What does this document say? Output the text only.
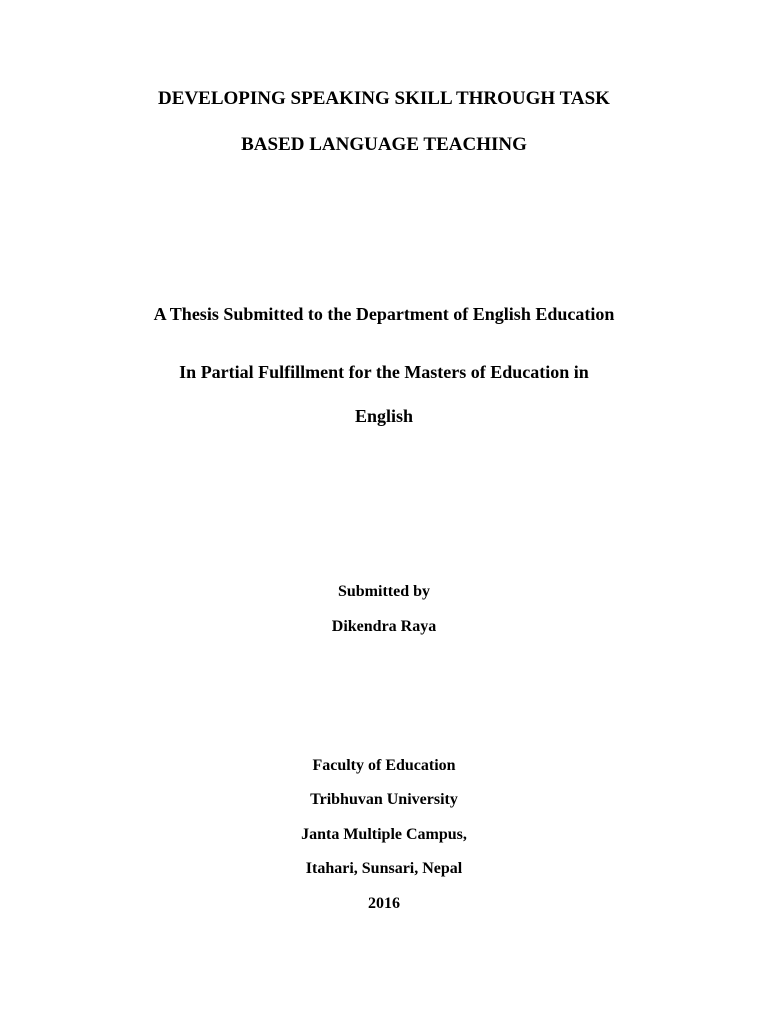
DEVELOPING SPEAKING SKILL THROUGH TASK
BASED LANGUAGE TEACHING
A Thesis Submitted to the Department of English Education
In Partial Fulfillment for the Masters of Education in
English
Submitted by
Dikendra Raya
Faculty of Education
Tribhuvan University
Janta Multiple Campus,
Itahari, Sunsari, Nepal
2016
